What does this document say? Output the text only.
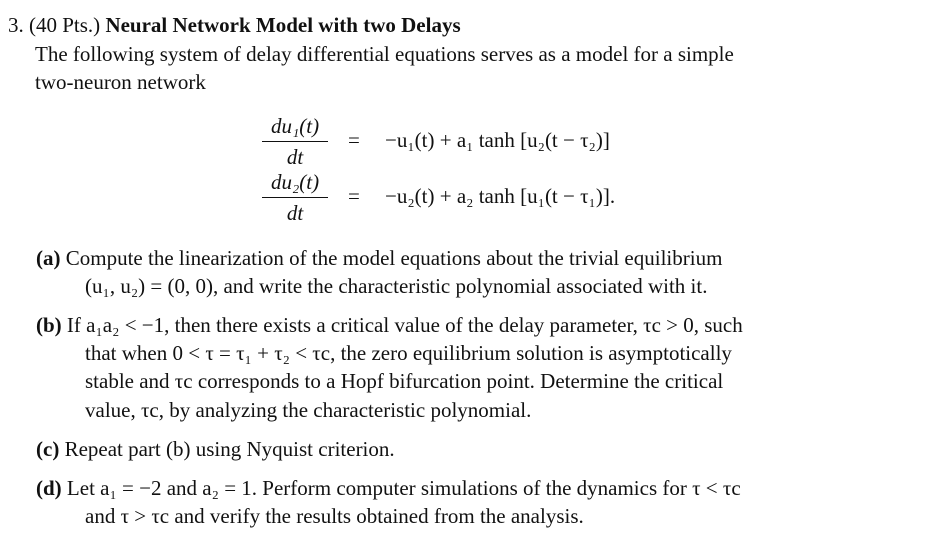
3. (40 Pts.) Neural Network Model with two Delays
The following system of delay differential equations serves as a model for a simple
two-neuron network
du₁(t)
dt
= −u₁(t) + a₁ tanh [u₂(t − τ₂)]
du₂(t)
dt
= −u₂(t) + a₂ tanh [u₁(t − τ₁)].
(a) Compute the linearization of the model equations about the trivial equilibrium
(u₁, u₂) = (0, 0), and write the characteristic polynomial associated with it.
(b) If a₁a₂ < −1, then there exists a critical value of the delay parameter, τc > 0, such
that when 0 < τ = τ₁ + τ₂ < τc, the zero equilibrium solution is asymptotically
stable and τc corresponds to a Hopf bifurcation point. Determine the critical
value, τc, by analyzing the characteristic polynomial.
(c) Repeat part (b) using Nyquist criterion.
(d) Let a₁ = −2 and a₂ = 1. Perform computer simulations of the dynamics for τ < τc
and τ > τc and verify the results obtained from the analysis.
